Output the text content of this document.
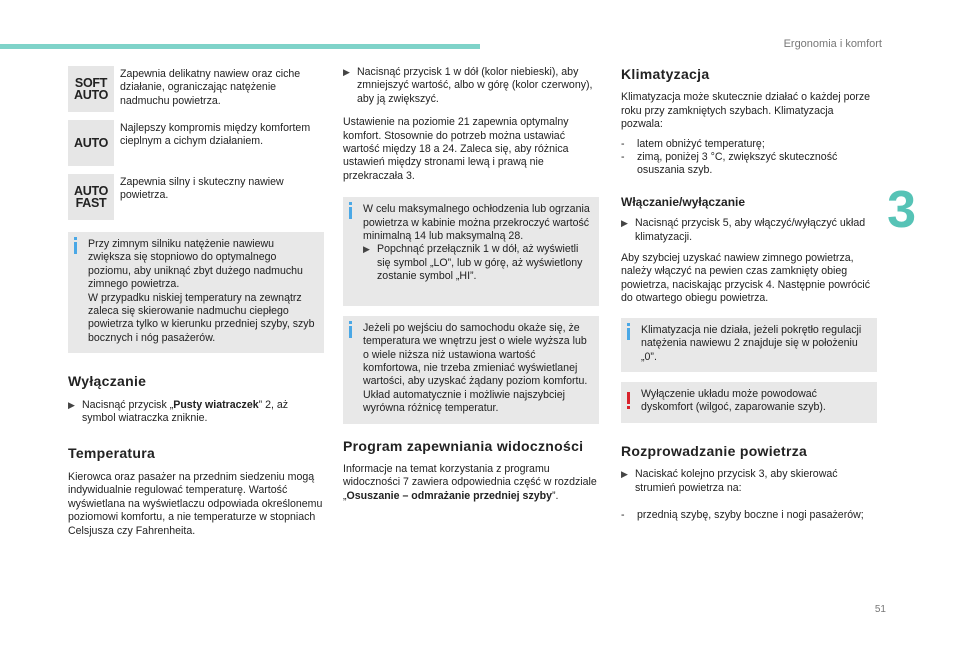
Ergonomia i komfort
3
51
SOFT AUTO
Zapewnia delikatny nawiew oraz ciche działanie, ograniczając natężenie nadmuchu powietrza.
AUTO
Najlepszy kompromis między komfortem cieplnym a cichym działaniem.
AUTO FAST
Zapewnia silny i skuteczny nawiew powietrza.
Przy zimnym silniku natężenie nawiewu zwiększa się stopniowo do optymalnego poziomu, aby uniknąć zbyt dużego nadmuchu zimnego powietrza.
W przypadku niskiej temperatury na zewnątrz zaleca się skierowanie nadmuchu ciepłego powietrza tylko w kierunku przedniej szyby, szyb bocznych i nóg pasażerów.
Wyłączanie
▶ Nacisnąć przycisk „Pusty wiatraczek” 2, aż symbol wiatraczka zniknie.
Temperatura

Kierowca oraz pasażer na przednim siedzeniu mogą indywidualnie regulować temperaturę. Wartość wyświetlana na wyświetlaczu odpowiada określonemu poziomowi komfortu, a nie temperaturze w stopniach Celsjusza czy Fahrenheita.

▶ Nacisnąć przycisk 1 w dół (kolor niebieski), aby zmniejszyć wartość, albo w górę (kolor czerwony), aby ją zwiększyć.

Ustawienie na poziomie 21 zapewnia optymalny komfort. Stosownie do potrzeb można ustawiać wartość między 18 a 24. Zaleca się, aby różnica ustawień między stronami lewą i prawą nie przekraczała 3.

W celu maksymalnego ochłodzenia lub ogrzania powietrza w kabinie można przekroczyć wartość minimalną 14 lub maksymalną 28.
▶ Popchnąć przełącznik 1 w dół, aż wyświetli się symbol „LO”, lub w górę, aż wyświetlony zostanie symbol „HI”.
Jeżeli po wejściu do samochodu okaże się, że temperatura we wnętrzu jest o wiele wyższa lub o wiele niższa niż ustawiona wartość komfortowa, nie trzeba zmieniać wyświetlanej wartości, aby uzyskać żądany poziom komfortu. Układ automatycznie i możliwie najszybciej wyrówna różnicę temperatur.
Program zapewniania widoczności

Informacje na temat korzystania z programu widoczności 7 zawiera odpowiednia część w rozdziale „Osuszanie – odmrażanie przedniej szyby”.

Klimatyzacja

Klimatyzacja może skutecznie działać o każdej porze roku przy zamkniętych szybach. Klimatyzacja pozwala:

-	latem obniżyć temperaturę;
-	zimą, poniżej 3 °C, zwiększyć skuteczność osuszania szyb.
Włączanie/wyłączanie
▶ Nacisnąć przycisk 5, aby włączyć/wyłączyć układ klimatyzacji.

Aby szybciej uzyskać nawiew zimnego powietrza, należy włączyć na pewien czas zamknięty obieg powietrza, naciskając przycisk 4. Następnie powrócić do otwartego obiegu powietrza.

Klimatyzacja nie działa, jeżeli pokrętło regulacji natężenia nawiewu 2 znajduje się w położeniu „0”.
Wyłączenie układu może powodować dyskomfort (wilgoć, zaparowanie szyb).
Rozprowadzanie powietrza
▶ Naciskać kolejno przycisk 3, aby skierować strumień powietrza na:
-	przednią szybę, szyby boczne i nogi pasażerów;
